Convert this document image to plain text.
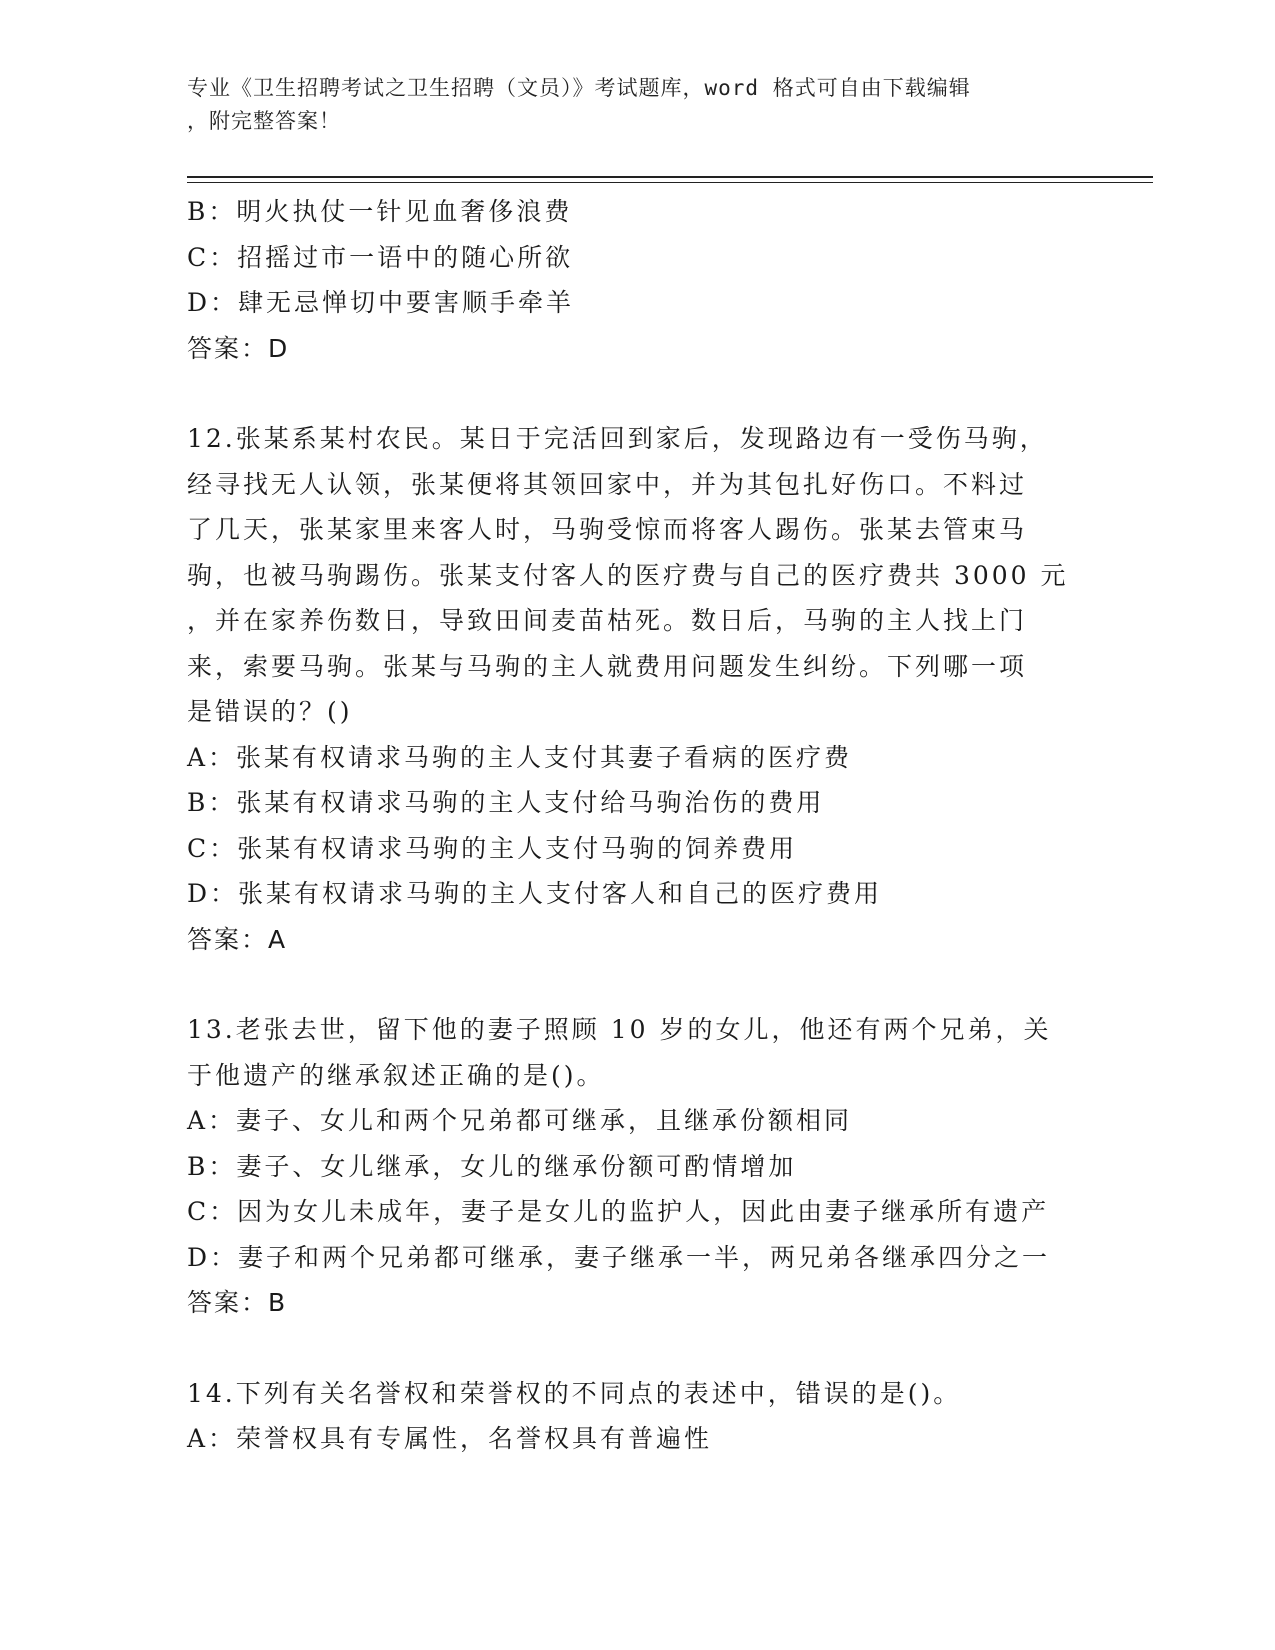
专业《卫生招聘考试之卫生招聘（文员）》考试题库，word 格式可自由下载编辑
，附完整答案！
B：明火执仗一针见血奢侈浪费
C：招摇过市一语中的随心所欲
D：肆无忌惮切中要害顺手牵羊
答案：D
12.张某系某村农民。某日于完活回到家后，发现路边有一受伤马驹，
经寻找无人认领，张某便将其领回家中，并为其包扎好伤口。不料过
了几天，张某家里来客人时，马驹受惊而将客人踢伤。张某去管束马
驹，也被马驹踢伤。张某支付客人的医疗费与自己的医疗费共 3000 元
，并在家养伤数日，导致田间麦苗枯死。数日后，马驹的主人找上门
来，索要马驹。张某与马驹的主人就费用问题发生纠纷。下列哪一项
是错误的？()
A：张某有权请求马驹的主人支付其妻子看病的医疗费
B：张某有权请求马驹的主人支付给马驹治伤的费用
C：张某有权请求马驹的主人支付马驹的饲养费用
D：张某有权请求马驹的主人支付客人和自己的医疗费用
答案：A
13.老张去世，留下他的妻子照顾 10 岁的女儿，他还有两个兄弟，关
于他遗产的继承叙述正确的是()。
A：妻子、女儿和两个兄弟都可继承，且继承份额相同
B：妻子、女儿继承，女儿的继承份额可酌情增加
C：因为女儿未成年，妻子是女儿的监护人，因此由妻子继承所有遗产
D：妻子和两个兄弟都可继承，妻子继承一半，两兄弟各继承四分之一
答案：B
14.下列有关名誉权和荣誉权的不同点的表述中，错误的是()。
A：荣誉权具有专属性，名誉权具有普遍性
